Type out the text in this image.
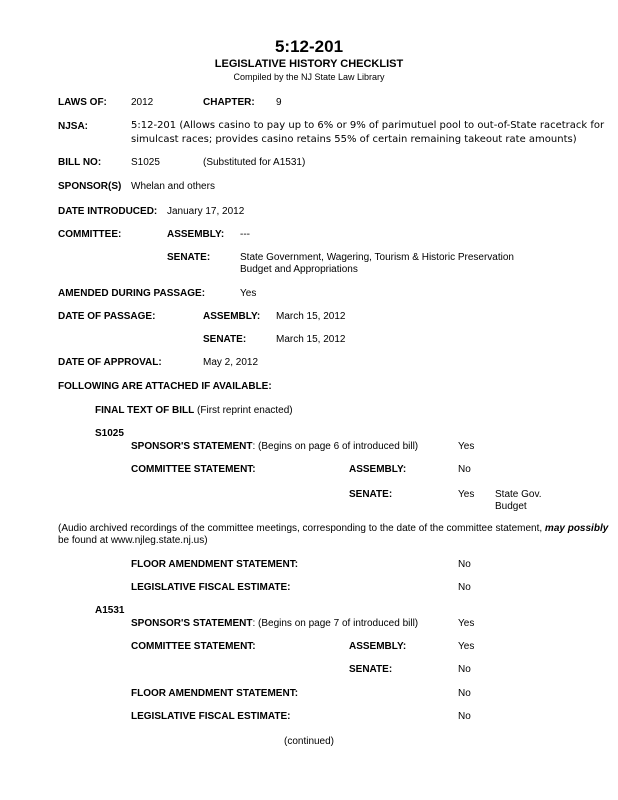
5:12-201
LEGISLATIVE HISTORY CHECKLIST
Compiled by the NJ State Law Library
LAWS OF: 2012	CHAPTER: 9
NJSA:	5:12-201 (Allows casino to pay up to 6% or 9% of parimutuel pool to out-of-State racetrack for
simulcast races; provides casino retains 55% of certain remaining takeout rate amounts)
BILL NO:	S1025	(Substituted for A1531)
SPONSOR(S) Whelan and others
DATE INTRODUCED: January 17, 2012
COMMITTEE:	ASSEMBLY: ---
SENATE:	State Government, Wagering, Tourism & Historic Preservation
Budget and Appropriations
AMENDED DURING PASSAGE:	Yes
DATE OF PASSAGE:	ASSEMBLY: March 15, 2012
SENATE:	March 15, 2012
DATE OF APPROVAL:	May 2, 2012
FOLLOWING ARE ATTACHED IF AVAILABLE:
FINAL TEXT OF BILL (First reprint enacted)
S1025
SPONSOR'S STATEMENT: (Begins on page 6 of introduced bill)	Yes
COMMITTEE STATEMENT:	ASSEMBLY:	No
SENATE:	Yes State Gov.
Budget
(Audio archived recordings of the committee meetings, corresponding to the date of the committee statement, may possibly
be found at www.njleg.state.nj.us)
FLOOR AMENDMENT STATEMENT:	No
LEGISLATIVE FISCAL ESTIMATE:	No
A1531
SPONSOR'S STATEMENT: (Begins on page 7 of introduced bill)	Yes
COMMITTEE STATEMENT:	ASSEMBLY:	Yes
SENATE:	No
FLOOR AMENDMENT STATEMENT:	No
LEGISLATIVE FISCAL ESTIMATE:	No
(continued)
